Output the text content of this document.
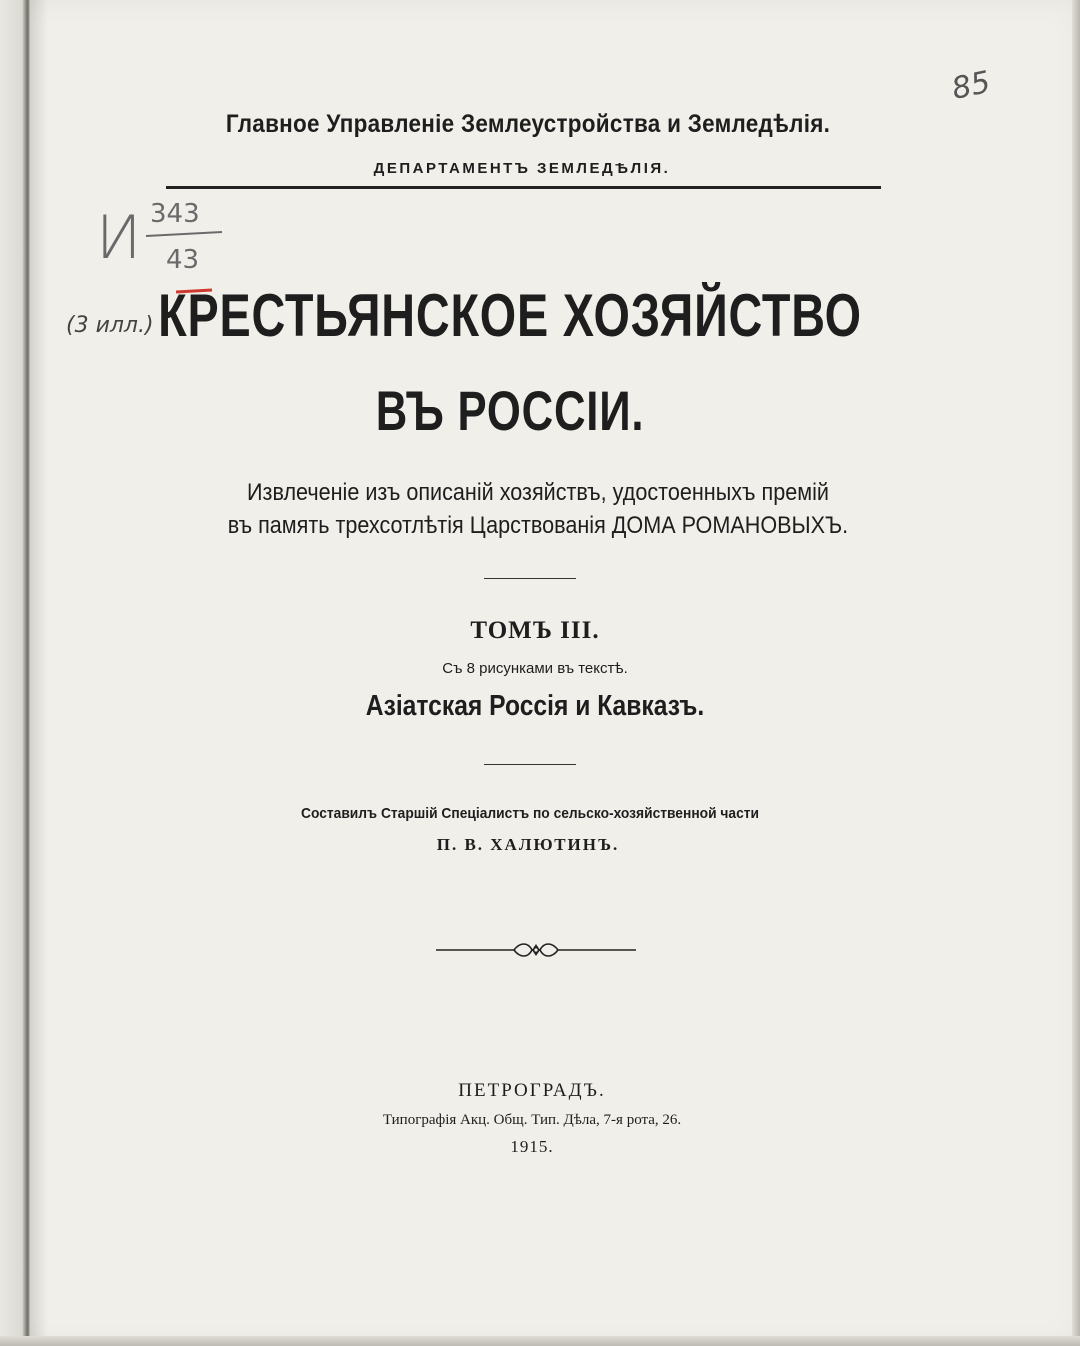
Главное Управленіе Землеустройства и Земледѣлія.
ДЕПАРТАМЕНТЪ ЗЕМЛЕДѢЛІЯ.
КРЕСТЬЯНСКОЕ ХОЗЯЙСТВО
ВЪ РОССІИ.
Извлеченіе изъ описаній хозяйствъ, удостоенныхъ премій
въ память трехсотлѣтія Царствованія ДОМА РОМАНОВЫХЪ.
ТОМЪ III.
Съ 8 рисунками въ текстѣ.
Азіатская Россія и Кавказъ.
Составилъ Старшій Спеціалистъ по сельско-хозяйственной части
П. В. ХАЛЮТИНЪ.
ПЕТРОГРАДЪ.
Типографія Акц. Общ. Тип. Дѣла, 7-я рота, 26.
1915.
И 343
43
(3 илл.)
85
